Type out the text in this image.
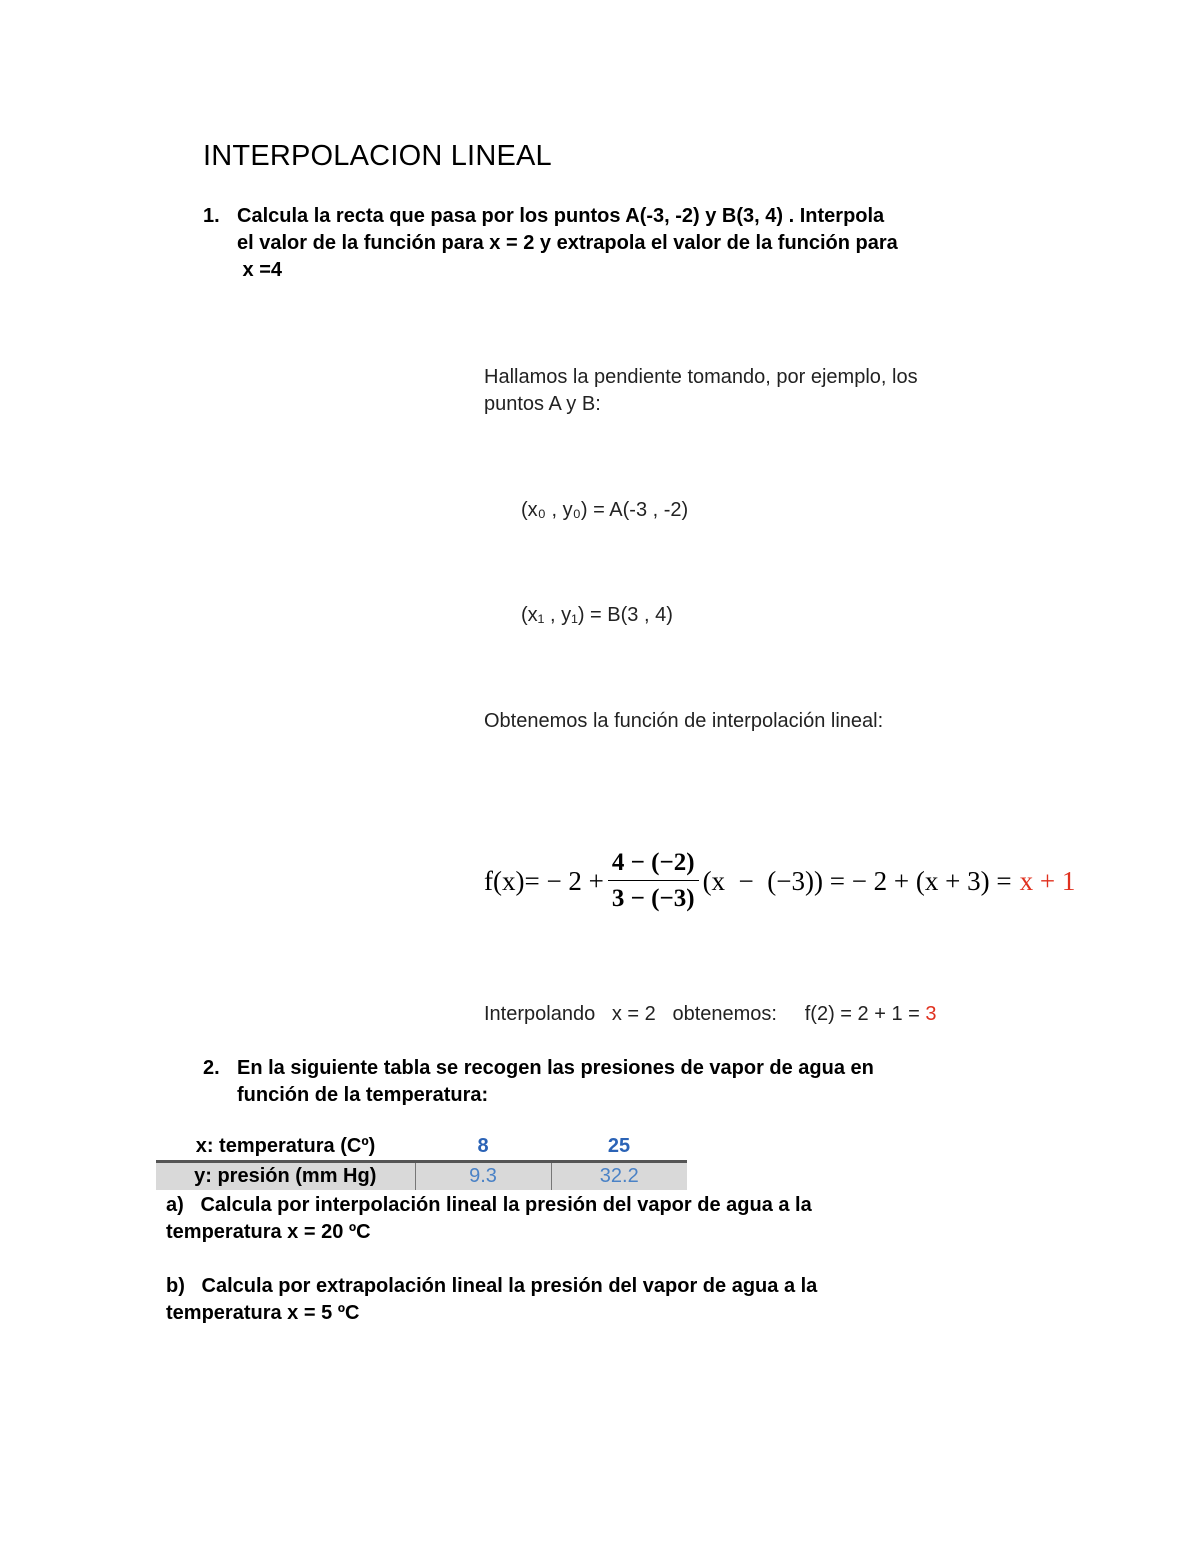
INTERPOLACION LINEAL
1. Calcula la recta que pasa por los puntos A(-3, -2) y B(3, 4) . Interpola
el valor de la función para x = 2 y extrapola el valor de la función para
x =4
Hallamos la pendiente tomando, por ejemplo, los
puntos A y B:
(x₀ , y₀) = A(-3 , -2)
(x₁ , y₁) = B(3 , 4)
Obtenemos la función de interpolación lineal:
$f(x)= - 2 + \frac{4 - (-2)}{3 - (-3)} (x - (-3))$ = − 2 + (x + 3) = x + 1
Interpolando   x = 2   obtenemos:     f(2) = 2 + 1 = 3
2. En la siguiente tabla se recogen las presiones de vapor de agua en
función de la temperatura:
x: temperatura (Cº)	8	25
y: presión (mm Hg)	9.3	32.2
a)   Calcula por interpolación lineal la presión del vapor de agua a la
temperatura x = 20 ºC
b)   Calcula por extrapolación lineal la presión del vapor de agua a la
temperatura x = 5 ºC
